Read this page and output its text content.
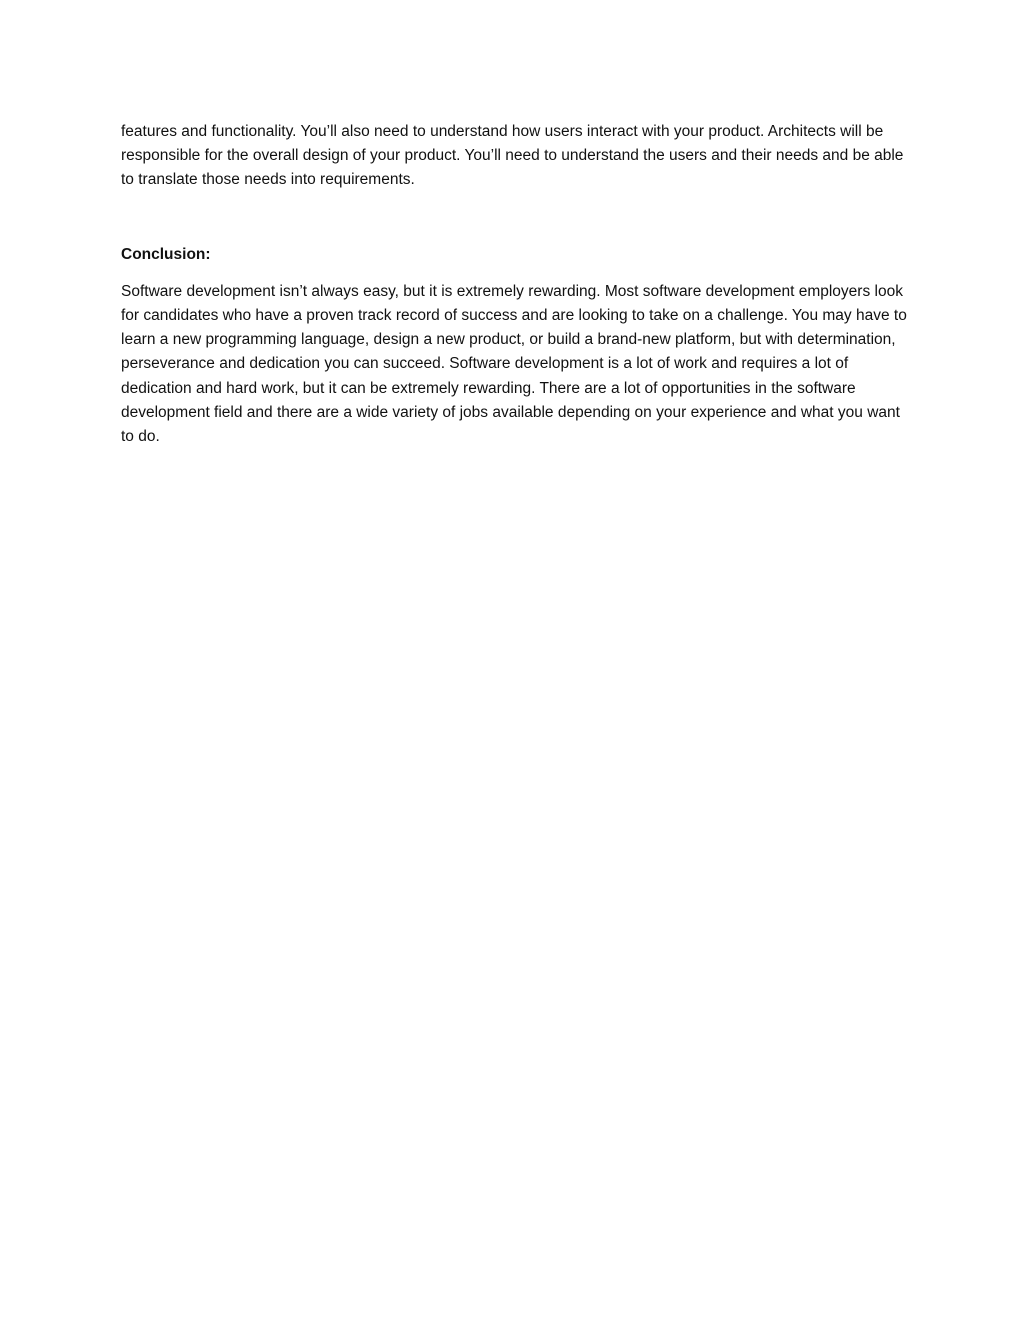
features and functionality. You’ll also need to understand how users interact with your product. Architects will be responsible for the overall design of your product. You’ll need to understand the users and their needs and be able to translate those needs into requirements.

Conclusion:

Software development isn’t always easy, but it is extremely rewarding. Most software development employers look for candidates who have a proven track record of success and are looking to take on a challenge. You may have to learn a new programming language, design a new product, or build a brand-new platform, but with determination, perseverance and dedication you can succeed. Software development is a lot of work and requires a lot of dedication and hard work, but it can be extremely rewarding. There are a lot of opportunities in the software development field and there are a wide variety of jobs available depending on your experience and what you want to do.
